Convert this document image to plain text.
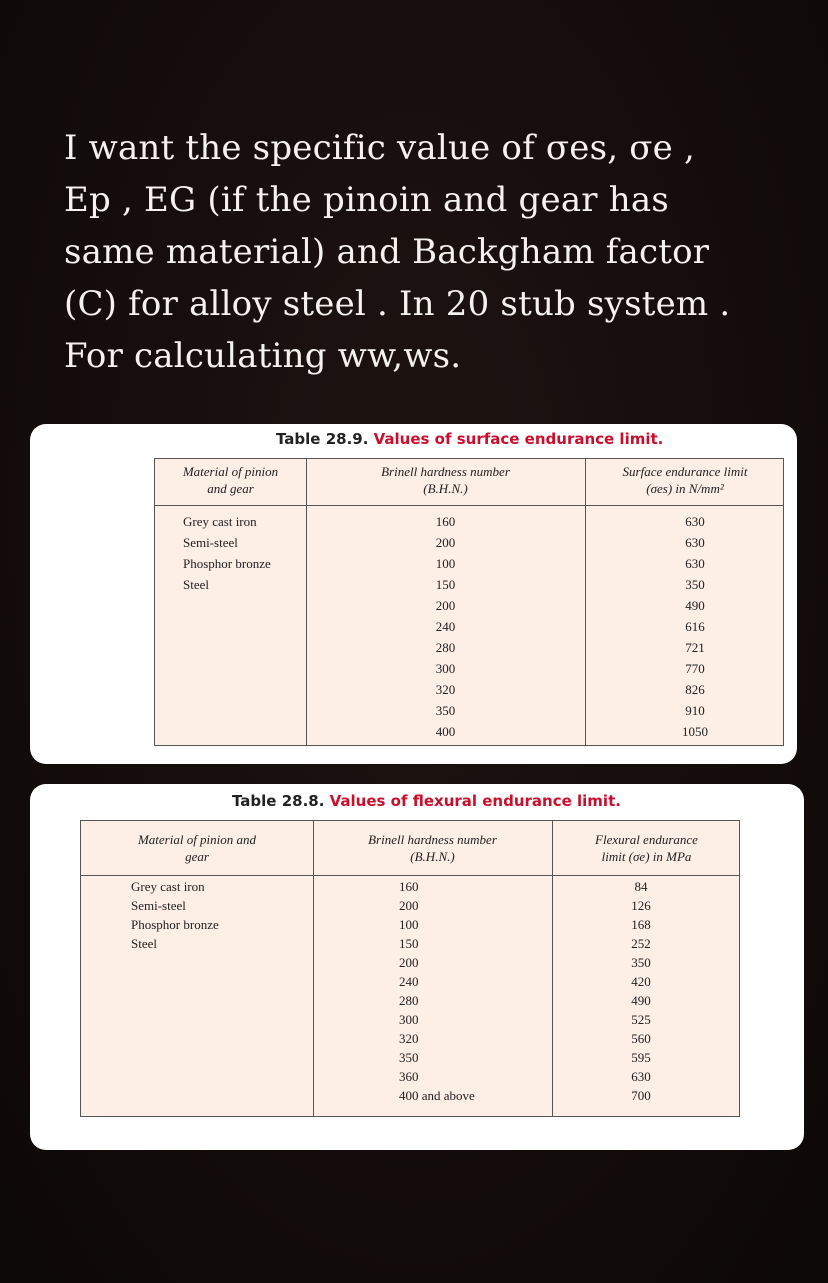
I want the specific value of σes, σe ,
Ep , EG (if the pinoin and gear has
same material) and Backgham factor
(C) for alloy steel . In 20 stub system .
For calculating ww,ws.
Table 28.9. Values of surface endurance limit.
Material of pinion
and gear
Brinell hardness number
(B.H.N.)
Surface endurance limit
(σes) in N/mm²
Grey cast iron
Semi-steel
Phosphor bronze
Steel
160
200
100
150
200
240
280
300
320
350
400
630
630
630
350
490
616
721
770
826
910
1050
Table 28.8. Values of flexural endurance limit.
Material of pinion and
gear
Brinell hardness number
(B.H.N.)
Flexural endurance
limit (σe) in MPa
Grey cast iron
Semi-steel
Phosphor bronze
Steel
160
200
100
150
200
240
280
300
320
350
360
400 and above
84
126
168
252
350
420
490
525
560
595
630
700
